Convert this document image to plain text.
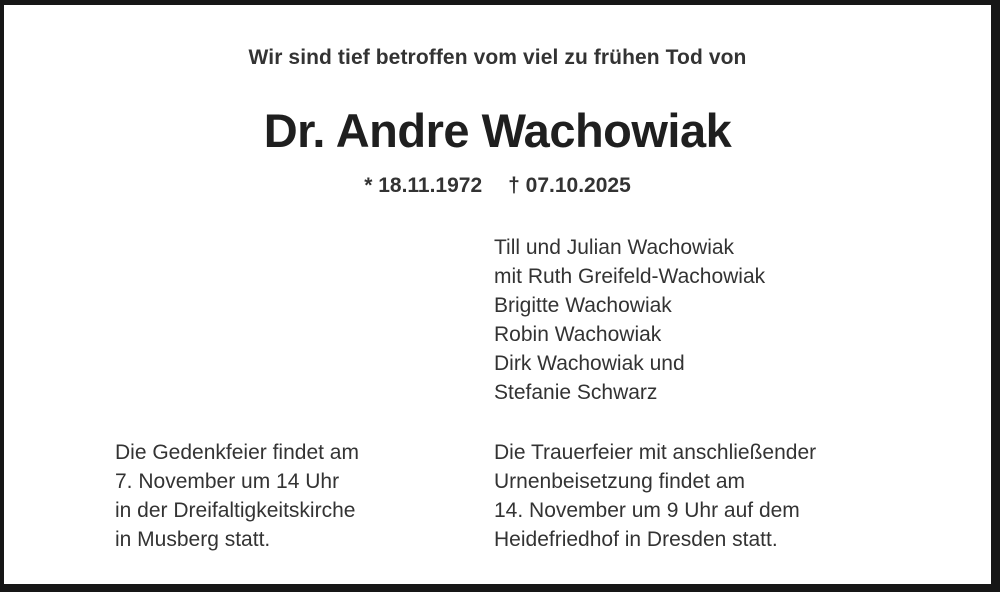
Wir sind tief betroffen vom viel zu frühen Tod von
Dr. Andre Wachowiak
* 18.11.1972 † 07.10.2025
Till und Julian Wachowiak
mit Ruth Greifeld-Wachowiak
Brigitte Wachowiak
Robin Wachowiak
Dirk Wachowiak und
Stefanie Schwarz
Die Gedenkfeier findet am
7. November um 14 Uhr
in der Dreifaltigkeitskirche
in Musberg statt.
Die Trauerfeier mit anschließender
Urnenbeisetzung findet am
14. November um 9 Uhr auf dem
Heidefriedhof in Dresden statt.
